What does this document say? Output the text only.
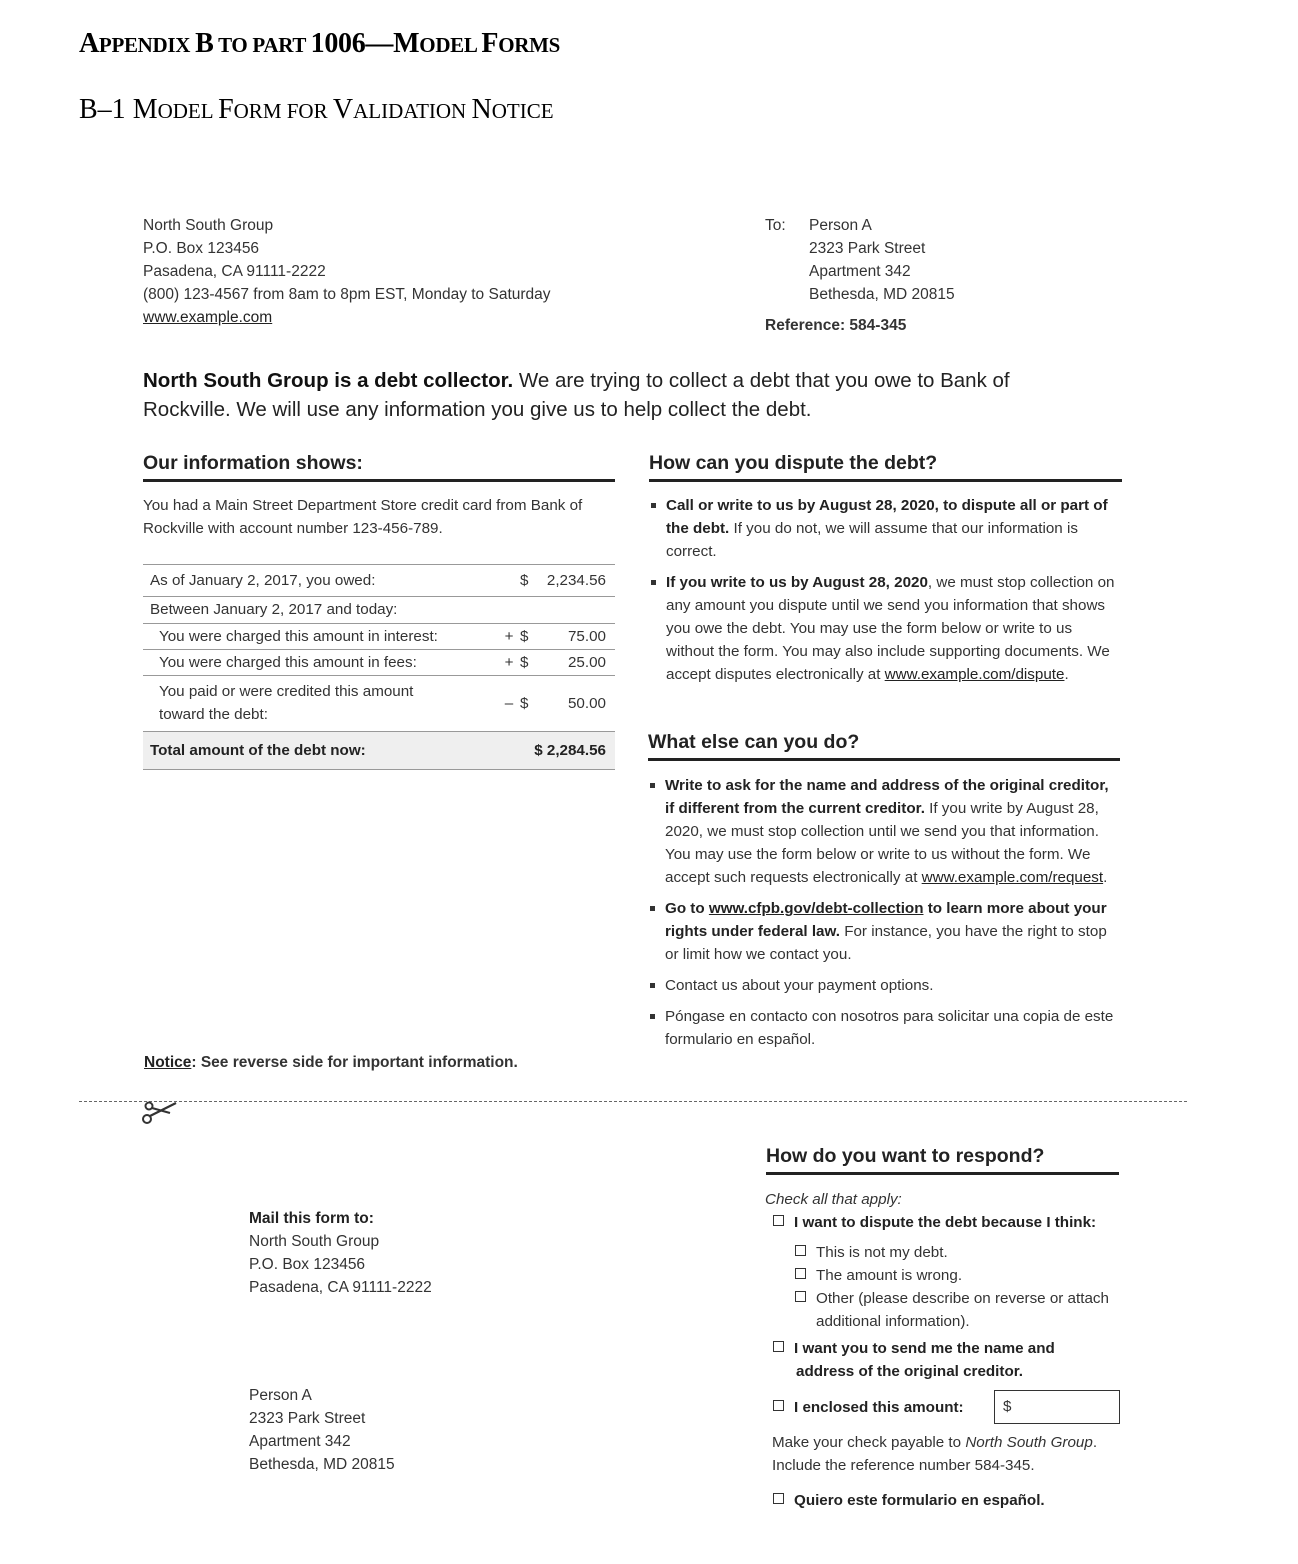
APPENDIX B TO PART 1006—MODEL FORMS
B–1 MODEL FORM FOR VALIDATION NOTICE
North South Group
P.O. Box 123456
Pasadena, CA 91111-2222
(800) 123-4567 from 8am to 8pm EST, Monday to Saturday
www.example.com
To: Person A
2323 Park Street
Apartment 342
Bethesda, MD 20815
Reference: 584-345
North South Group is a debt collector. We are trying to collect a debt that you owe to Bank of Rockville. We will use any information you give us to help collect the debt.
Our information shows:
You had a Main Street Department Store credit card from Bank of Rockville with account number 123-456-789.
As of January 2, 2017, you owed:		$	2,234.56
Between January 2, 2017 and today:			
You were charged this amount in interest:	+	$	75.00
You were charged this amount in fees:	+	$	25.00
You paid or were credited this amount toward the debt:	–	$	50.00
Total amount of the debt now:		$ 2,284.56	
How can you dispute the debt?
Call or write to us by August 28, 2020, to dispute all or part of the debt. If you do not, we will assume that our information is correct.
If you write to us by August 28, 2020, we must stop collection on any amount you dispute until we send you information that shows you owe the debt. You may use the form below or write to us without the form. You may also include supporting documents. We accept disputes electronically at www.example.com/dispute.
What else can you do?
Write to ask for the name and address of the original creditor, if different from the current creditor. If you write by August 28, 2020, we must stop collection until we send you that information. You may use the form below or write to us without the form. We accept such requests electronically at www.example.com/request.
Go to www.cfpb.gov/debt-collection to learn more about your rights under federal law. For instance, you have the right to stop or limit how we contact you.
Contact us about your payment options.
Póngase en contacto con nosotros para solicitar una copia de este formulario en español.
Notice: See reverse side for important information.
Mail this form to:
North South Group
P.O. Box 123456
Pasadena, CA 91111-2222
Person A
2323 Park Street
Apartment 342
Bethesda, MD 20815
How do you want to respond?
Check all that apply:
I want to dispute the debt because I think:
This is not my debt.
The amount is wrong.
Other (please describe on reverse or attach additional information).
I want you to send me the name and address of the original creditor.
I enclosed this amount:	$
Make your check payable to North South Group. Include the reference number 584-345.
Quiero este formulario en español.
